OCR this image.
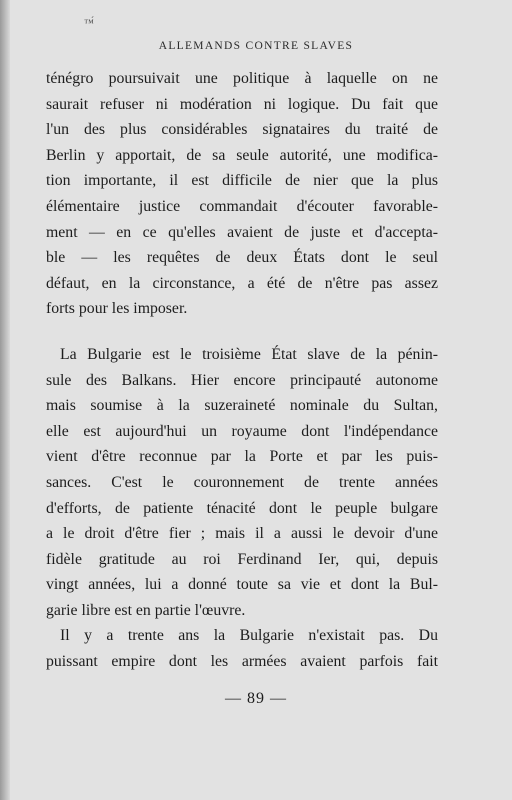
™́
ALLEMANDS CONTRE SLAVES
ténégro poursuivait une politique à laquelle on ne
saurait refuser ni modération ni logique. Du fait que
l'un des plus considérables signataires du traité de
Berlin y apportait, de sa seule autorité, une modifica-
tion importante, il est difficile de nier que la plus
élémentaire justice commandait d'écouter favorable-
ment — en ce qu'elles avaient de juste et d'accepta-
ble — les requêtes de deux États dont le seul
défaut, en la circonstance, a été de n'être pas assez
forts pour les imposer.
La Bulgarie est le troisième État slave de la pénin-
sule des Balkans. Hier encore principauté autonome
mais soumise à la suzeraineté nominale du Sultan,
elle est aujourd'hui un royaume dont l'indépendance
vient d'être reconnue par la Porte et par les puis-
sances. C'est le couronnement de trente années
d'efforts, de patiente ténacité dont le peuple bulgare
a le droit d'être fier ; mais il a aussi le devoir d'une
fidèle gratitude au roi Ferdinand Ier, qui, depuis
vingt années, lui a donné toute sa vie et dont la Bul-
garie libre est en partie l'œuvre.
Il y a trente ans la Bulgarie n'existait pas. Du
puissant empire dont les armées avaient parfois fait
— 89 —
